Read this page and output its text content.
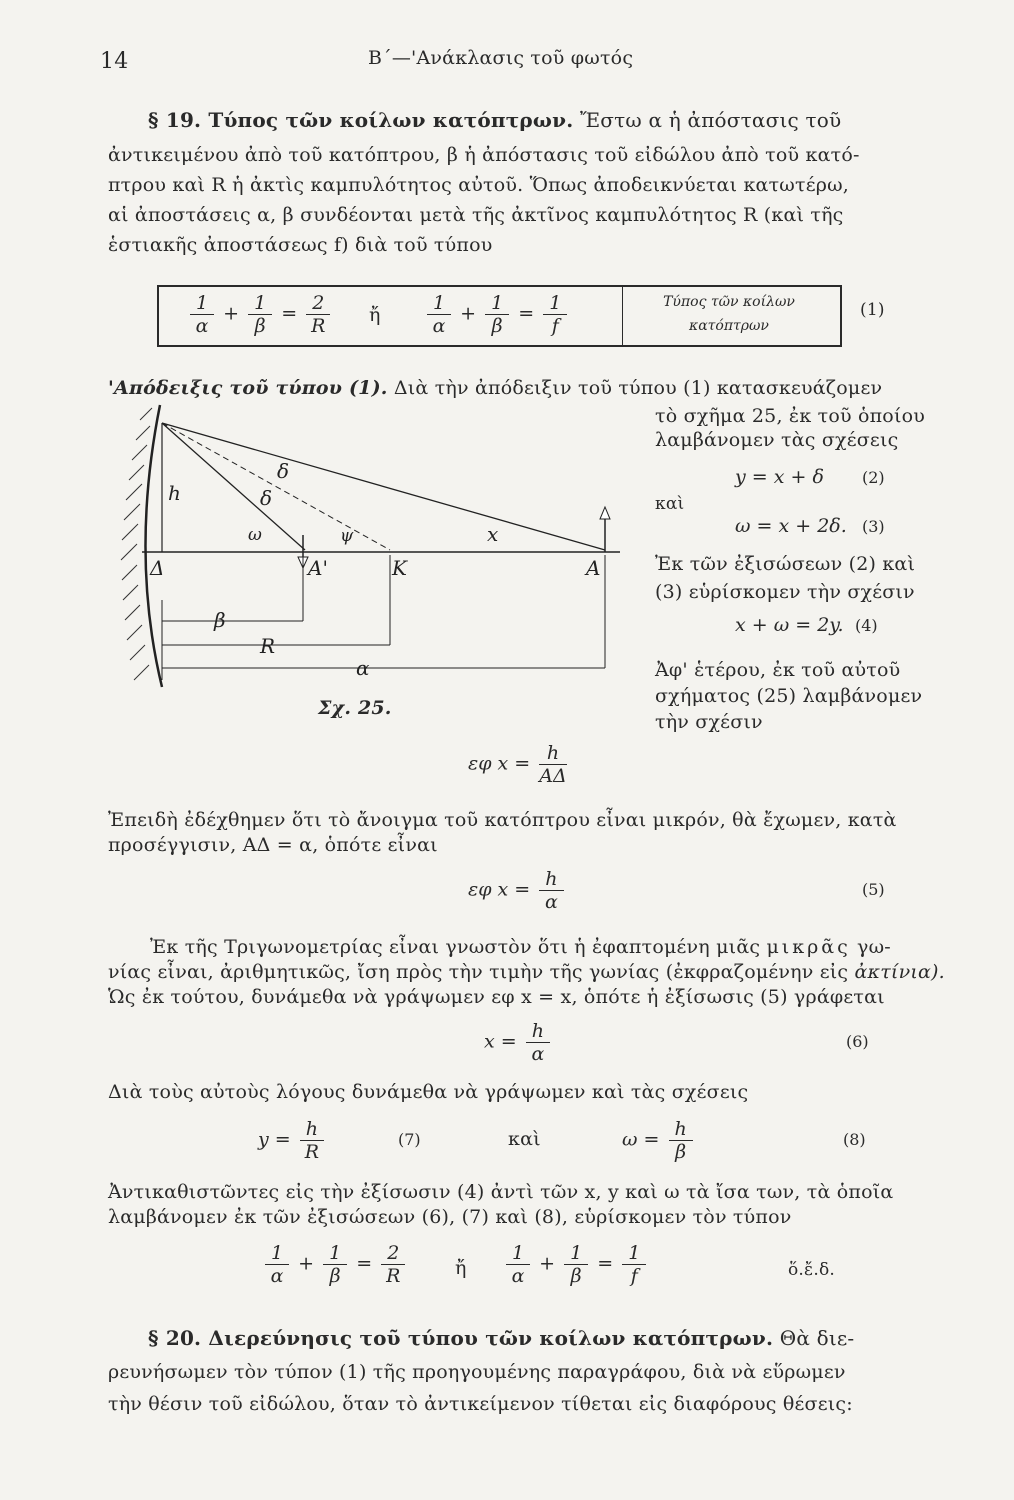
14	Β΄—'Ανάκλασις τοῦ φωτός
§ 19. Τύπος τῶν κοίλων κατόπτρων. Ἔστω α ἡ ἀπόστασις τοῦ
ἀντικειμένου ἀπὸ τοῦ κατόπτρου, β ἡ ἀπόστασις τοῦ εἰδώλου ἀπὸ τοῦ κατό-
πτρου καὶ R ἡ ἀκτὶς καμπυλότητος αὐτοῦ. Ὅπως ἀποδεικνύεται κατωτέρω,
αἱ ἀποστάσεις α, β συνδέονται μετὰ τῆς ἀκτῖνος καμπυλότητος R (καὶ τῆς
ἑστιακῆς ἀποστάσεως f) διὰ τοῦ τύπου
$\frac{1}{\alpha} + \frac{1}{\beta} = \frac{2}{R}$ ἤ $\frac{1}{\alpha} + \frac{1}{\beta} = \frac{1}{f}$	Τύπος τῶν κοίλων
κατόπτρων
(1)
'Απόδειξις τοῦ τύπου (1). Διὰ τὴν ἀπόδειξιν τοῦ τύπου (1) κατασκευάζομεν
h
δ
δ
ω	ψ	x
Δ	A'	K	A
β
R
α
Σχ. 25.
τὸ σχῆμα 25, ἐκ τοῦ ὁποίου
λαμβάνομεν τὰς σχέσεις
y = x + δ (2)
καὶ
ω = x + 2δ. (3)
Ἐκ τῶν ἐξισώσεων (2) καὶ
(3) εὑρίσκομεν τὴν σχέσιν
x + ω = 2y. (4)
Ἀφ' ἑτέρου, ἐκ τοῦ αὐτοῦ
σχήματος (25) λαμβάνομεν
τὴν σχέσιν
εφ $x = \frac{h}{A\Delta}$
Ἐπειδὴ ἐδέχθημεν ὅτι τὸ ἄνοιγμα τοῦ κατόπτρου εἶναι μικρόν, θὰ ἔχωμεν, κατὰ
προσέγγισιν, AΔ = α, ὁπότε εἶναι
εφ $x = \frac{h}{\alpha}$	(5)
Ἐκ τῆς Τριγωνομετρίας εἶναι γνωστὸν ὅτι ἡ ἐφαπτομένη μιᾶς μικρᾶς γω-
νίας εἶναι, ἀριθμητικῶς, ἴση πρὸς τὴν τιμὴν τῆς γωνίας (ἐκφραζομένην εἰς ἀκτίνια).
Ὡς ἐκ τούτου, δυνάμεθα νὰ γράψωμεν εφ x = x, ὁπότε ἡ ἐξίσωσις (5) γράφεται
$x = \frac{h}{\alpha}$	(6)
Διὰ τοὺς αὐτοὺς λόγους δυνάμεθα νὰ γράψωμεν καὶ τὰς σχέσεις
$y = \frac{h}{R}$	(7)	καὶ	$\omega = \frac{h}{\beta}$	(8)
Ἀντικαθιστῶντες εἰς τὴν ἐξίσωσιν (4) ἀντὶ τῶν x, y καὶ ω τὰ ἴσα των, τὰ ὁποῖα
λαμβάνομεν ἐκ τῶν ἐξισώσεων (6), (7) καὶ (8), εὑρίσκομεν τὸν τύπον
$\frac{1}{\alpha} + \frac{1}{\beta} = \frac{2}{R}$	ἤ $\frac{1}{\alpha} + \frac{1}{\beta} = \frac{1}{f}$	ὅ.ἔ.δ.
§ 20. Διερεύνησις τοῦ τύπου τῶν κοίλων κατόπτρων. Θὰ διε-
ρευνήσωμεν τὸν τύπον (1) τῆς προηγουμένης παραγράφου, διὰ νὰ εὕρωμεν
τὴν θέσιν τοῦ εἰδώλου, ὅταν τὸ ἀντικείμενον τίθεται εἰς διαφόρους θέσεις:
